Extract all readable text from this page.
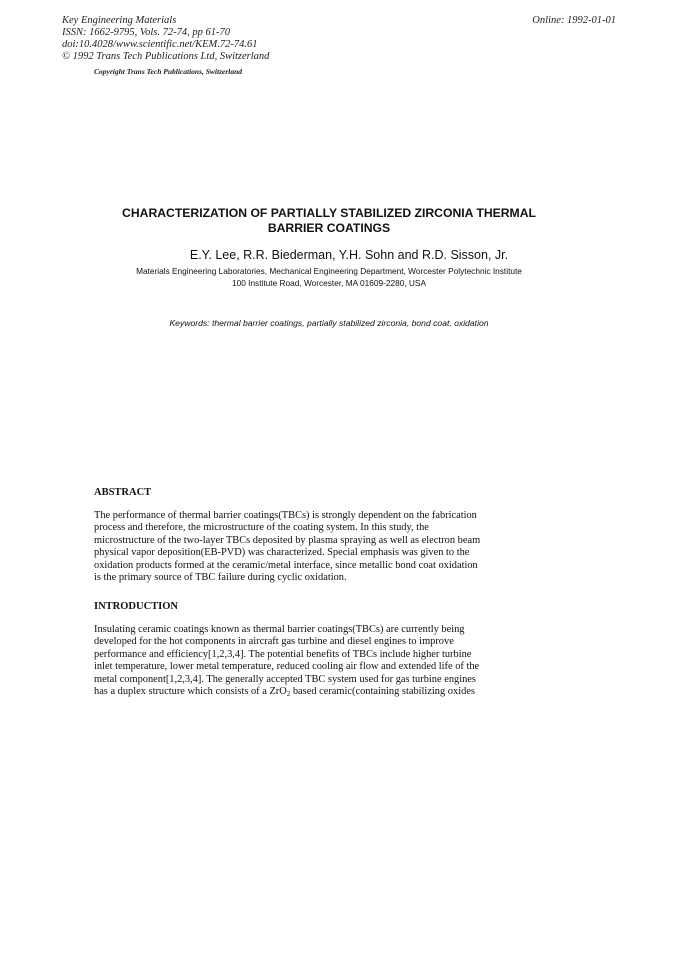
Key Engineering Materials
ISSN: 1662-9795, Vols. 72-74, pp 61-70
doi:10.4028/www.scientific.net/KEM.72-74.61
© 1992 Trans Tech Publications Ltd, Switzerland
Online: 1992-01-01
Copyright Trans Tech Publications, Switzerland
CHARACTERIZATION OF PARTIALLY STABILIZED ZIRCONIA THERMAL
BARRIER COATINGS
E.Y. Lee, R.R. Biederman, Y.H. Sohn and R.D. Sisson, Jr.
Materials Engineering Laboratories, Mechanical Engineering Department, Worcester Polytechnic Institute
100 Institute Road, Worcester, MA 01609-2280, USA
Keywords: thermal barrier coatings, partially stabilized zirconia, bond coat, oxidation
ABSTRACT
The performance of thermal barrier coatings(TBCs) is strongly dependent on the fabrication
process and therefore, the microstructure of the coating system. In this study, the
microstructure of the two-layer TBCs deposited by plasma spraying as well as electron beam
physical vapor deposition(EB-PVD) was characterized. Special emphasis was given to the
oxidation products formed at the ceramic/metal interface, since metallic bond coat oxidation
is the primary source of TBC failure during cyclic oxidation.
INTRODUCTION
Insulating ceramic coatings known as thermal barrier coatings(TBCs) are currently being
developed for the hot components in aircraft gas turbine and diesel engines to improve
performance and efficiency[1,2,3,4]. The potential benefits of TBCs include higher turbine
inlet temperature, lower metal temperature, reduced cooling air flow and extended life of the
metal component[1,2,3,4]. The generally accepted TBC system used for gas turbine engines
has a duplex structure which consists of a ZrO$_2$ based ceramic(containing stabilizing oxides
